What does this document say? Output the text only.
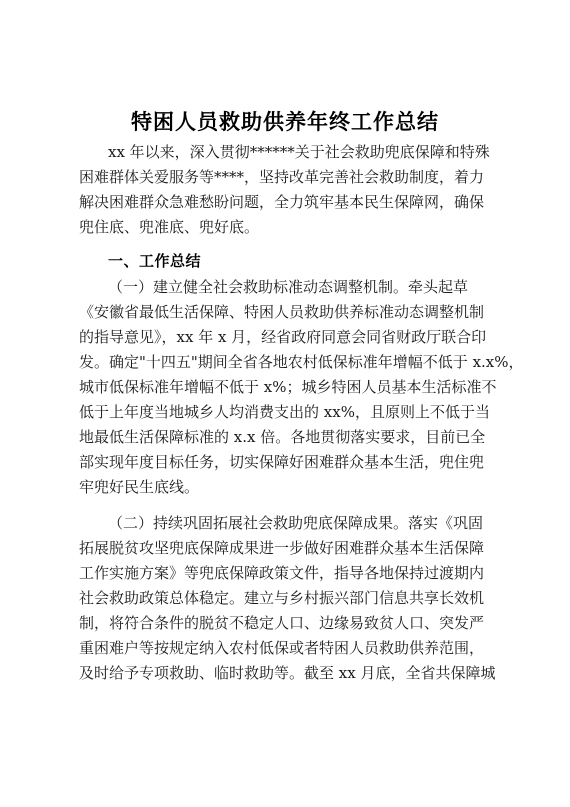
特困人员救助供养年终工作总结
xx 年以来，深入贯彻******关于社会救助兜底保障和特殊
困难群体关爱服务等****，坚持改革完善社会救助制度，着力
解决困难群众急难愁盼问题，全力筑牢基本民生保障网，确保
兜住底、兜准底、兜好底。
一、工作总结
（一）建立健全社会救助标准动态调整机制。牵头起草
《安徽省最低生活保障、特困人员救助供养标准动态调整机制
的指导意见》，xx 年 x 月，经省政府同意会同省财政厅联合印
发。确定"十四五"期间全省各地农村低保标准年增幅不低于 x.x%，
城市低保标准年增幅不低于 x%；城乡特困人员基本生活标准不
低于上年度当地城乡人均消费支出的 xx%，且原则上不低于当
地最低生活保障标准的 x.x 倍。各地贯彻落实要求，目前已全
部实现年度目标任务，切实保障好困难群众基本生活，兜住兜
牢兜好民生底线。
（二）持续巩固拓展社会救助兜底保障成果。落实《巩固
拓展脱贫攻坚兜底保障成果进一步做好困难群众基本生活保障
工作实施方案》等兜底保障政策文件，指导各地保持过渡期内
社会救助政策总体稳定。建立与乡村振兴部门信息共享长效机
制，将符合条件的脱贫不稳定人口、边缘易致贫人口、突发严
重困难户等按规定纳入农村低保或者特困人员救助供养范围，
及时给予专项救助、临时救助等。截至 xx 月底，全省共保障城
